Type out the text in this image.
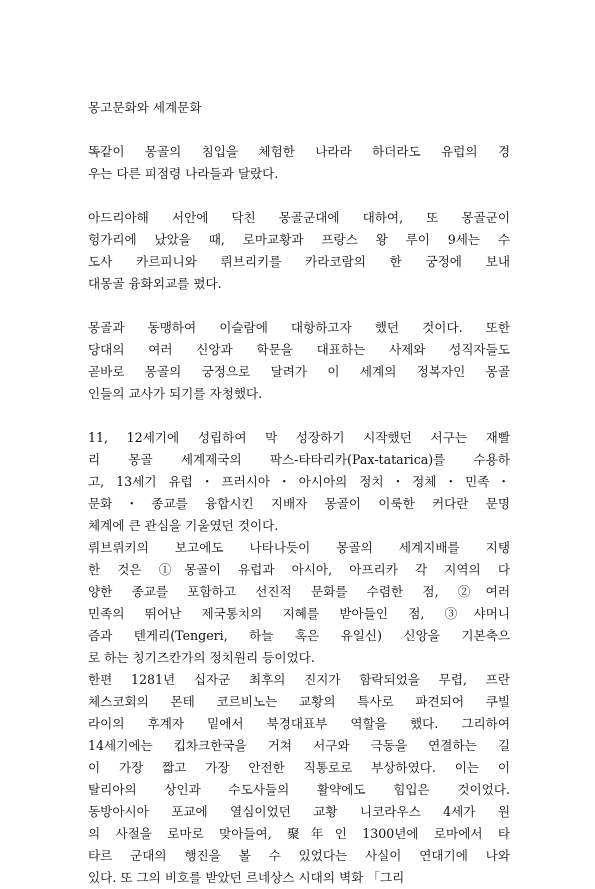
몽고문화와 세계문화
똑같이 몽골의 침입을 체험한 나라라 하더라도 유럽의 경
우는 다른 피점령 나라들과 달랐다.
아드리아해 서안에 닥친 몽골군대에 대하여, 또 몽골군이
헝가리에 났았을 때, 로마교황과 프랑스 왕 루이 9세는 수
도사 카르피니와 뤼브리키를 카라코람의 한 궁정에 보내
대몽골 융화외교를 폈다.
몽골과 동맹하여 이슬람에 대항하고자 했던 것이다. 또한
당대의 여러 신앙과 학문을 대표하는 사제와 성직자들도
곧바로 몽골의 궁정으로 달려가 이 세계의 정복자인 몽골
인들의 교사가 되기를 자청했다.
11, 12세기에 성립하여 막 성장하기 시작했던 서구는 재빨
리 몽골 세계제국의 팍스-타타리카(Pax-tatarica)를 수용하
고, 13세기 유럽・프러시아・아시아의 정치・정체・민족・
문화・종교를 융합시킨 지배자 몽골이 이룩한 커다란 문명
체계에 큰 관심을 기울였던 것이다.
뤼브뤼키의 보고에도 나타나듯이 몽골의 세계지배를 지탱
한 것은 ①몽골이 유럽과 아시아, 아프리카 각 지역의 다
양한 종교를 포함하고 선진적 문화를 수렴한 점, ②여러
민족의 뛰어난 제국통치의 지혜를 받아들인 점, ③샤머니
즘과 텐게리(Tengeri, 하늘 혹은 유일신) 신앙을 기본축으
로 하는 칭기즈칸가의 정치원리 등이었다.
한편 1281년 십자군 최후의 진지가 함락되었을 무렵, 프란
체스코회의 몬테 코르비노는 교황의 특사로 파견되어 쿠빌
라이의 후계자 밑에서 북경대표부 역할을 했다. 그리하여
14세기에는 킵차크한국을 거쳐 서구와 극동을 연결하는 길
이 가장 짧고 가장 안전한 직통로로 부상하였다. 이는 이
탈리아의 상인과 수도사들의 활약에도 힘입은 것이었다.
동방아시아 포교에 열심이었던 교황 니코라우스 4세가 원
의 사절을 로마로 맞아들여, 聚年인 1300년에 로마에서 타
타르 군대의 행진을 볼 수 있었다는 사실이 연대기에 나와
있다. 또 그의 비호를 받았던 르네상스 시대의 벽화 「그리
